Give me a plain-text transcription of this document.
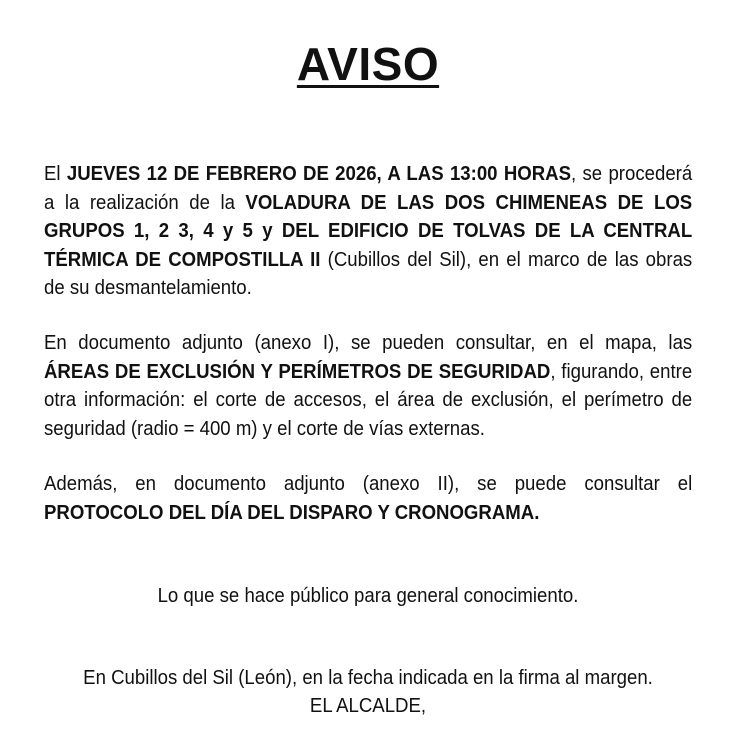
AVISO
El JUEVES 12 DE FEBRERO DE 2026, A LAS 13:00 HORAS, se procederá a la realización de la VOLADURA DE LAS DOS CHIMENEAS DE LOS GRUPOS 1, 2 3, 4 y 5 y DEL EDIFICIO DE TOLVAS DE LA CENTRAL TÉRMICA DE COMPOSTILLA II (Cubillos del Sil), en el marco de las obras de su desmantelamiento.
En documento adjunto (anexo I), se pueden consultar, en el mapa, las ÁREAS DE EXCLUSIÓN Y PERÍMETROS DE SEGURIDAD, figurando, entre otra información: el corte de accesos, el área de exclusión, el perímetro de seguridad (radio = 400 m) y el corte de vías externas.
Además, en documento adjunto (anexo II), se puede consultar el PROTOCOLO DEL DÍA DEL DISPARO Y CRONOGRAMA.
Lo que se hace público para general conocimiento.
En Cubillos del Sil (León), en la fecha indicada en la firma al margen.
EL ALCALDE,
